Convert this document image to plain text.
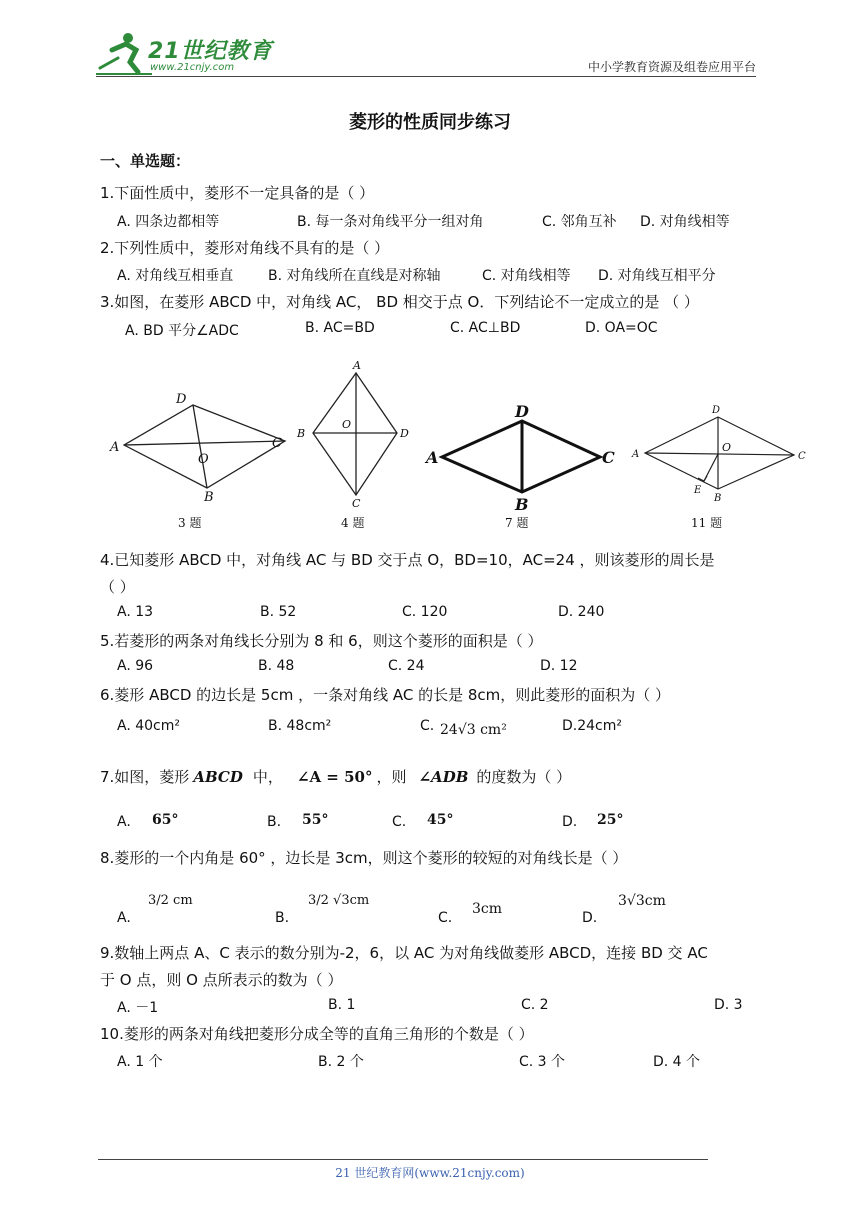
21世纪教育
www.21cnjy.com	中小学教育资源及组卷应用平台
菱形的性质同步练习
一、单选题：
1.下面性质中，菱形不一定具备的是（ ）
A. 四条边都相等	B. 每一条对角线平分一组对角	C. 邻角互补 D. 对角线相等
2.下列性质中，菱形对角线不具有的是（ ）
A. 对角线互相垂直 B. 对角线所在直线是对称轴	C. 对角线相等 D. 对角线互相平分
3.如图，在菱形 ABCD 中，对角线 AC， BD 相交于点 O．下列结论不一定成立的是 （ ）
A. BD 平分∠ADC	B. AC=BD	C. AC⊥BD	D. OA=OC
A
D
C
O
B
A
B
O
D
C
A
D
C
B
A
D
O
C
E
B
3 题	4 题	7 题	11 题
4.已知菱形 ABCD 中，对角线 AC 与 BD 交于点 O，BD=10，AC=24 ，则该菱形的周长是
（ ）
A. 13	B. 52	C. 120	D. 240
5.若菱形的两条对角线长分别为 8 和 6，则这个菱形的面积是（ ）
A. 96	B. 48	C. 24	D. 12
6.菱形 ABCD 的边长是 5cm ，一条对角线 AC 的长是 8cm，则此菱形的面积为（ ）
A. 40cm²	B. 48cm²	C. 24√3 cm²	D.24cm²
7.如图，菱形 ABCD 中， ∠A = 50° ，则 ∠ADB 的度数为（ ）
A. 65°	B. 55°	C. 45°	D. 25°
8.菱形的一个内角是 60° ，边长是 3cm，则这个菱形的较短的对角线长是（ ）
A.
3/2 cm
B.
3/2 √3cm
C.
3cm
D.
3√3cm
9.数轴上两点 A、C 表示的数分别为-2，6，以 AC 为对角线做菱形 ABCD，连接 BD 交 AC
于 O 点，则 O 点所表示的数为（ ）
A. －1	B. 1	C. 2	D. 3
10.菱形的两条对角线把菱形分成全等的直角三角形的个数是（ ）
A. 1 个	B. 2 个	C. 3 个	D. 4 个
21 世纪教育网(www.21cnjy.com)
